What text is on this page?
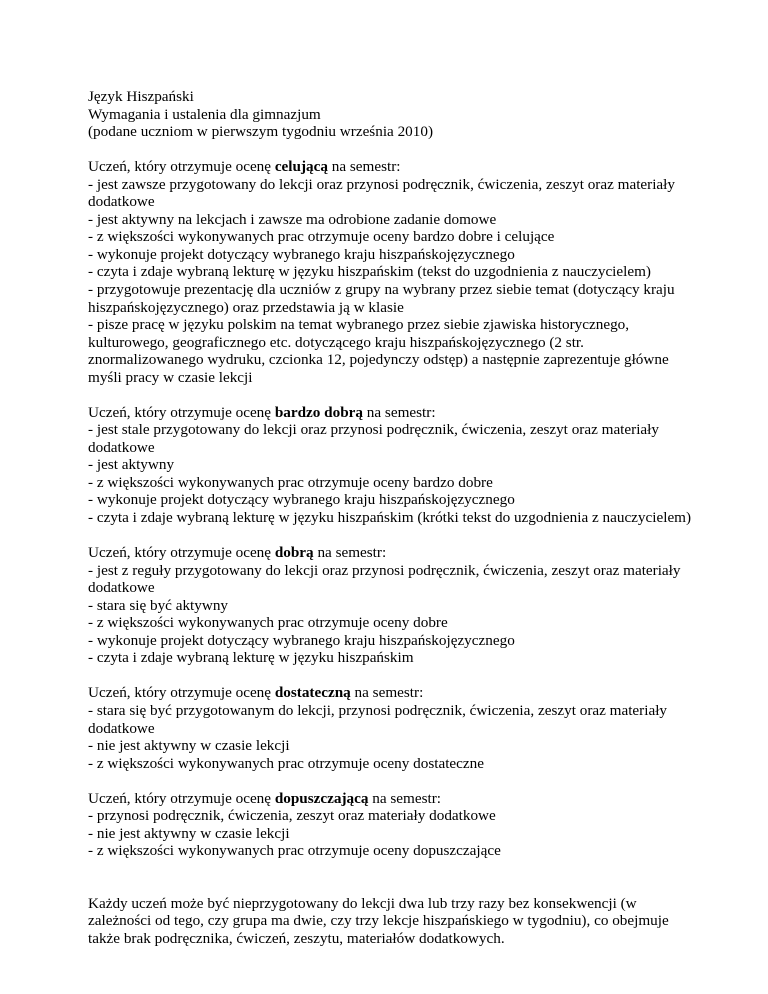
Język Hiszpański
Wymagania i ustalenia dla gimnazjum
(podane uczniom w pierwszym tygodniu września 2010)
Uczeń, który otrzymuje ocenę celującą na semestr:
- jest zawsze przygotowany do lekcji oraz przynosi podręcznik, ćwiczenia, zeszyt oraz materiały dodatkowe
- jest aktywny na lekcjach i zawsze ma odrobione zadanie domowe
- z większości wykonywanych prac otrzymuje oceny bardzo dobre i celujące
- wykonuje projekt dotyczący wybranego kraju hiszpańskojęzycznego
- czyta i zdaje wybraną lekturę w języku hiszpańskim (tekst do uzgodnienia z nauczycielem)
- przygotowuje prezentację dla uczniów z grupy na wybrany przez siebie temat (dotyczący kraju hiszpańskojęzycznego) oraz przedstawia ją w klasie
- pisze pracę w języku polskim na temat wybranego przez siebie zjawiska historycznego, kulturowego, geograficznego etc. dotyczącego kraju hiszpańskojęzycznego (2 str. znormalizowanego wydruku, czcionka 12, pojedynczy odstęp) a następnie zaprezentuje główne myśli pracy w czasie lekcji
Uczeń, który otrzymuje ocenę bardzo dobrą na semestr:
- jest stale przygotowany do lekcji oraz przynosi podręcznik, ćwiczenia, zeszyt oraz materiały dodatkowe
- jest aktywny
- z większości wykonywanych prac otrzymuje oceny bardzo dobre
- wykonuje projekt dotyczący wybranego kraju hiszpańskojęzycznego
- czyta i zdaje wybraną lekturę w języku hiszpańskim (krótki tekst do uzgodnienia z nauczycielem)
Uczeń, który otrzymuje ocenę dobrą na semestr:
- jest z reguły przygotowany do lekcji oraz przynosi podręcznik, ćwiczenia, zeszyt oraz materiały dodatkowe
- stara się być aktywny
- z większości wykonywanych prac otrzymuje oceny dobre
- wykonuje projekt dotyczący wybranego kraju hiszpańskojęzycznego
- czyta i zdaje wybraną lekturę w języku hiszpańskim
Uczeń, który otrzymuje ocenę dostateczną na semestr:
- stara się być przygotowanym do lekcji, przynosi podręcznik, ćwiczenia, zeszyt oraz materiały dodatkowe
- nie jest aktywny w czasie lekcji
- z większości wykonywanych prac otrzymuje oceny dostateczne
Uczeń, który otrzymuje ocenę dopuszczającą na semestr:
- przynosi podręcznik, ćwiczenia, zeszyt oraz materiały dodatkowe
- nie jest aktywny w czasie lekcji
- z większości wykonywanych prac otrzymuje oceny dopuszczające
Każdy uczeń może być nieprzygotowany do lekcji dwa lub trzy razy bez konsekwencji (w zależności od tego, czy grupa ma dwie, czy trzy lekcje hiszpańskiego w tygodniu), co obejmuje także brak podręcznika, ćwiczeń, zeszytu, materiałów dodatkowych.
